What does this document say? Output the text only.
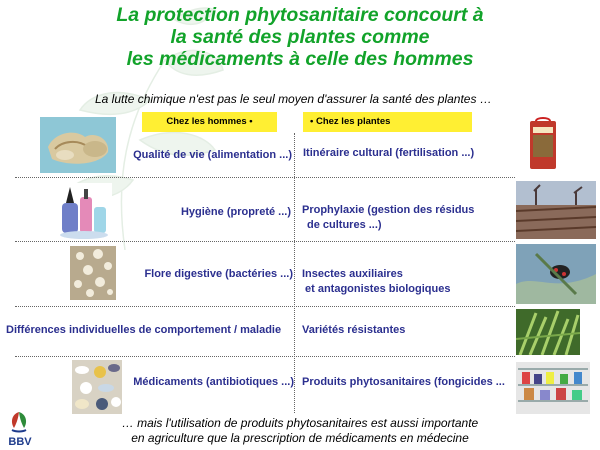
La protection phytosanitaire concourt à
la santé des plantes comme
les médicaments à celle des hommes
La lutte chimique n'est pas le seul moyen d'assurer la santé des plantes …
Chez les hommes •	• Chez les plantes
Qualité de vie (alimentation ...) Itinéraire cultural (fertilisation ...)
Hygiène (propreté ...) Prophylaxie (gestion des résidus
de cultures ...)
Flore digestive (bactéries ...) Insectes auxiliaires
et antagonistes biologiques
Différences individuelles de comportement / maladie Variétés résistantes
Médicaments (antibiotiques ...) Produits phytosanitaires (fongicides ...
BBV
… mais l'utilisation de produits phytosanitaires est aussi importante
en agriculture que la prescription de médicaments en médecine
